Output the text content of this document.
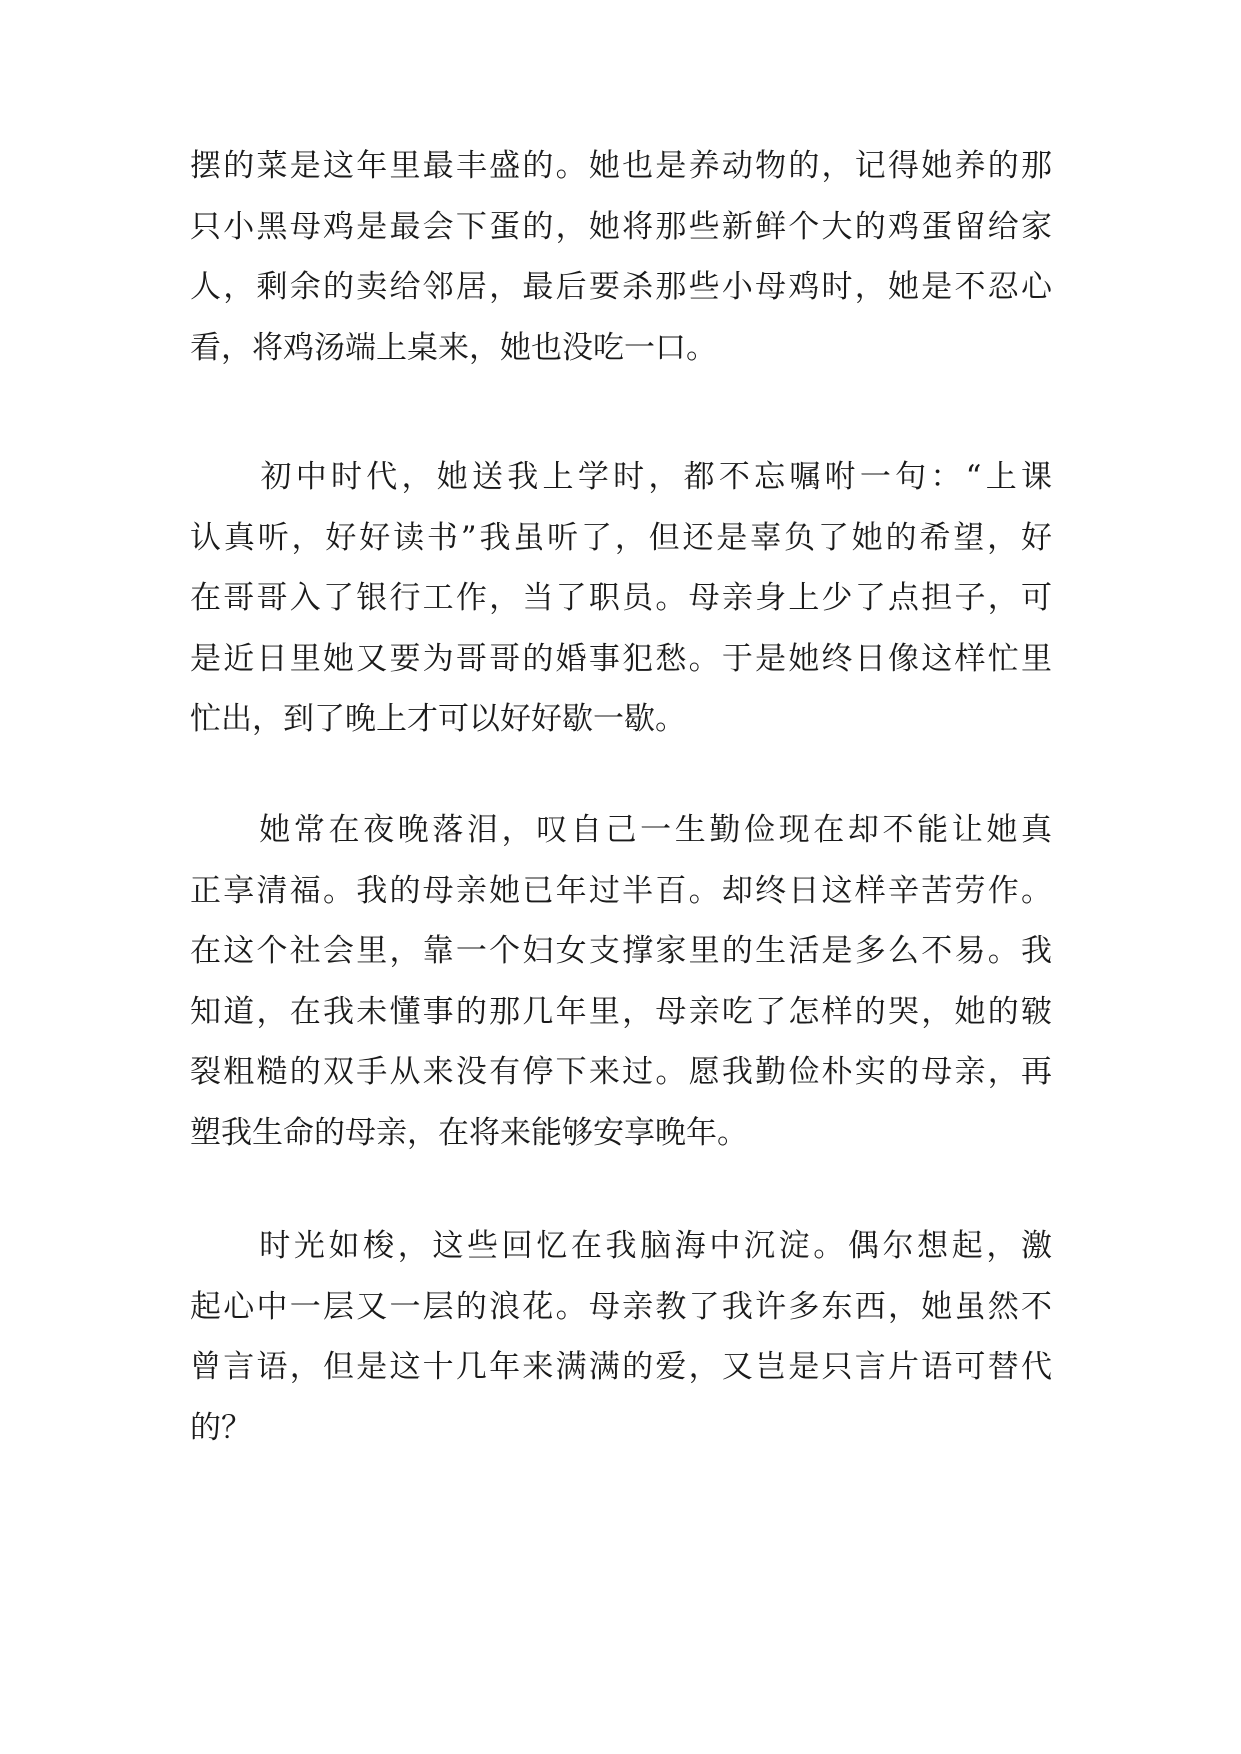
摆的菜是这年里最丰盛的。她也是养动物的，记得她养的那
只小黑母鸡是最会下蛋的，她将那些新鲜个大的鸡蛋留给家
人，剩余的卖给邻居，最后要杀那些小母鸡时，她是不忍心
看，将鸡汤端上桌来，她也没吃一口。
　　初中时代，她送我上学时，都不忘嘱咐一句：“上课
认真听，好好读书”我虽听了，但还是辜负了她的希望，好
在哥哥入了银行工作，当了职员。母亲身上少了点担子，可
是近日里她又要为哥哥的婚事犯愁。于是她终日像这样忙里
忙出，到了晚上才可以好好歇一歇。
　　她常在夜晚落泪，叹自己一生勤俭现在却不能让她真
正享清福。我的母亲她已年过半百。却终日这样辛苦劳作。
在这个社会里，靠一个妇女支撑家里的生活是多么不易。我
知道，在我未懂事的那几年里，母亲吃了怎样的哭，她的皲
裂粗糙的双手从来没有停下来过。愿我勤俭朴实的母亲，再
塑我生命的母亲，在将来能够安享晚年。
　　时光如梭，这些回忆在我脑海中沉淀。偶尔想起，激
起心中一层又一层的浪花。母亲教了我许多东西，她虽然不
曾言语，但是这十几年来满满的爱，又岂是只言片语可替代
的？
